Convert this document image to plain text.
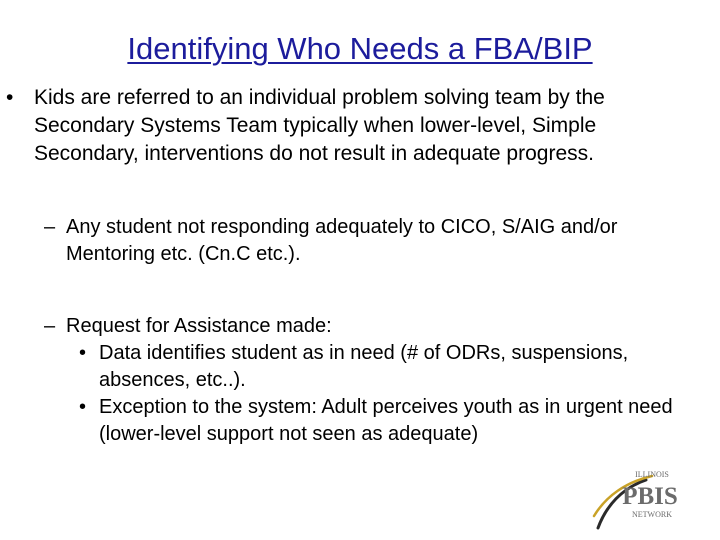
Identifying Who Needs a FBA/BIP
• Kids are referred to an individual problem solving team by the Secondary Systems Team typically when lower-level, Simple Secondary, interventions do not result in adequate progress.
– Any student not responding adequately to CICO, S/AIG and/or Mentoring etc. (Cn.C etc.).
– Request for Assistance made:
• Data identifies student as in need (# of ODRs, suspensions, absences, etc..).
• Exception to the system: Adult perceives youth as in urgent need (lower-level support not seen as adequate)
ILLINOIS
PBIS
NETWORK
